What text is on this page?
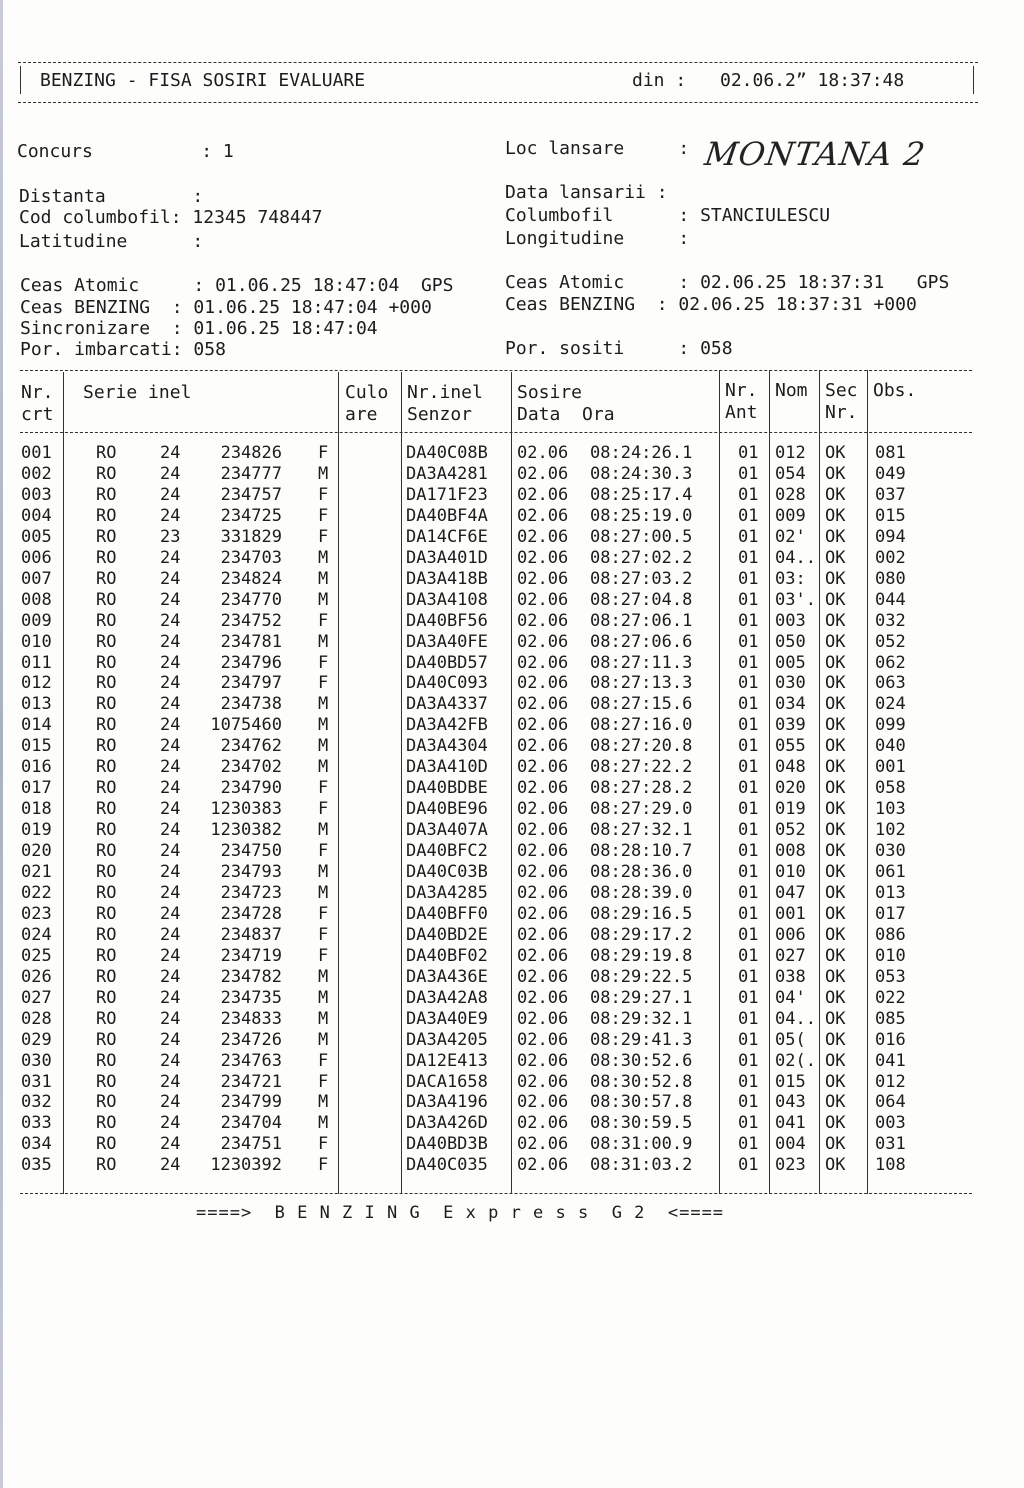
BENZING - FISA SOSIRI EVALUARE	din : 02.06.2” 18:37:48
Concurs          : 1	Loc lansare     : MONTANA 2
Distanta        :
Cod columbofil: 12345 748447
Latitudine      :
Data lansarii :
Columbofil      : STANCIULESCU
Longitudine     :
Ceas Atomic     : 01.06.25 18:47:04  GPS
Ceas BENZING  : 01.06.25 18:47:04 +000
Sincronizare  : 01.06.25 18:47:04
Por. imbarcati: 058
Ceas Atomic     : 02.06.25 18:37:31   GPS
Ceas BENZING  : 02.06.25 18:37:31 +000
Por. sositi     : 058
Nr.
crt
Serie inel	Culo
are
Nr.inel
Senzor
Sosire
Data  Ora
Nr.
Ant
Nom Sec
Nr.
Obs.
001	RO	24 234826 F	DA40C08B 02.06 08:24:26.1	01 012 OK 081
002	RO	24 234777 M	DA3A4281 02.06 08:24:30.3	01 054 OK 049
003	RO	24 234757 F	DA171F23 02.06 08:25:17.4	01 028 OK 037
004	RO	24 234725 F	DA40BF4A 02.06 08:25:19.0	01 009 OK 015
005	RO	23 331829 F	DA14CF6E 02.06 08:27:00.5	01 02' OK 094
006	RO	24 234703 M	DA3A401D 02.06 08:27:02.2	01 04.. OK 002
007	RO	24 234824 M	DA3A418B 02.06 08:27:03.2	01 03: OK 080
008	RO	24 234770 M	DA3A4108 02.06 08:27:04.8	01 03'. OK 044
009	RO	24 234752 F	DA40BF56 02.06 08:27:06.1	01 003 OK 032
010	RO	24 234781 M	DA3A40FE 02.06 08:27:06.6	01 050 OK 052
011	RO	24 234796 F	DA40BD57 02.06 08:27:11.3	01 005 OK 062
012	RO	24 234797 F	DA40C093 02.06 08:27:13.3	01 030 OK 063
013	RO	24 234738 M	DA3A4337 02.06 08:27:15.6	01 034 OK 024
014	RO	24 1075460 M	DA3A42FB 02.06 08:27:16.0	01 039 OK 099
015	RO	24 234762 M	DA3A4304 02.06 08:27:20.8	01 055 OK 040
016	RO	24 234702 M	DA3A410D 02.06 08:27:22.2	01 048 OK 001
017	RO	24 234790 F	DA40BDBE 02.06 08:27:28.2	01 020 OK 058
018	RO	24 1230383 F	DA40BE96 02.06 08:27:29.0	01 019 OK 103
019	RO	24 1230382 M	DA3A407A 02.06 08:27:32.1	01 052 OK 102
020	RO	24 234750 F	DA40BFC2 02.06 08:28:10.7	01 008 OK 030
021	RO	24 234793 M	DA40C03B 02.06 08:28:36.0	01 010 OK 061
022	RO	24 234723 M	DA3A4285 02.06 08:28:39.0	01 047 OK 013
023	RO	24 234728 F	DA40BFF0 02.06 08:29:16.5	01 001 OK 017
024	RO	24 234837 F	DA40BD2E 02.06 08:29:17.2	01 006 OK 086
025	RO	24 234719 F	DA40BF02 02.06 08:29:19.8	01 027 OK 010
026	RO	24 234782 M	DA3A436E 02.06 08:29:22.5	01 038 OK 053
027	RO	24 234735 M	DA3A42A8 02.06 08:29:27.1	01 04' OK 022
028	RO	24 234833 M	DA3A40E9 02.06 08:29:32.1	01 04.. OK 085
029	RO	24 234726 M	DA3A4205 02.06 08:29:41.3	01 05( OK 016
030	RO	24 234763 F	DA12E413 02.06 08:30:52.6	01 02(. OK 041
031	RO	24 234721 F	DACA1658 02.06 08:30:52.8	01 015 OK 012
032	RO	24 234799 M	DA3A4196 02.06 08:30:57.8	01 043 OK 064
033	RO	24 234704 M	DA3A426D 02.06 08:30:59.5	01 041 OK 003
034	RO	24 234751 F	DA40BD3B 02.06 08:31:00.9	01 004 OK 031
035	RO	24 1230392 F	DA40C035 02.06 08:31:03.2	01 023 OK 108
====>  B E N Z I N G  E x p r e s s  G 2  <====
